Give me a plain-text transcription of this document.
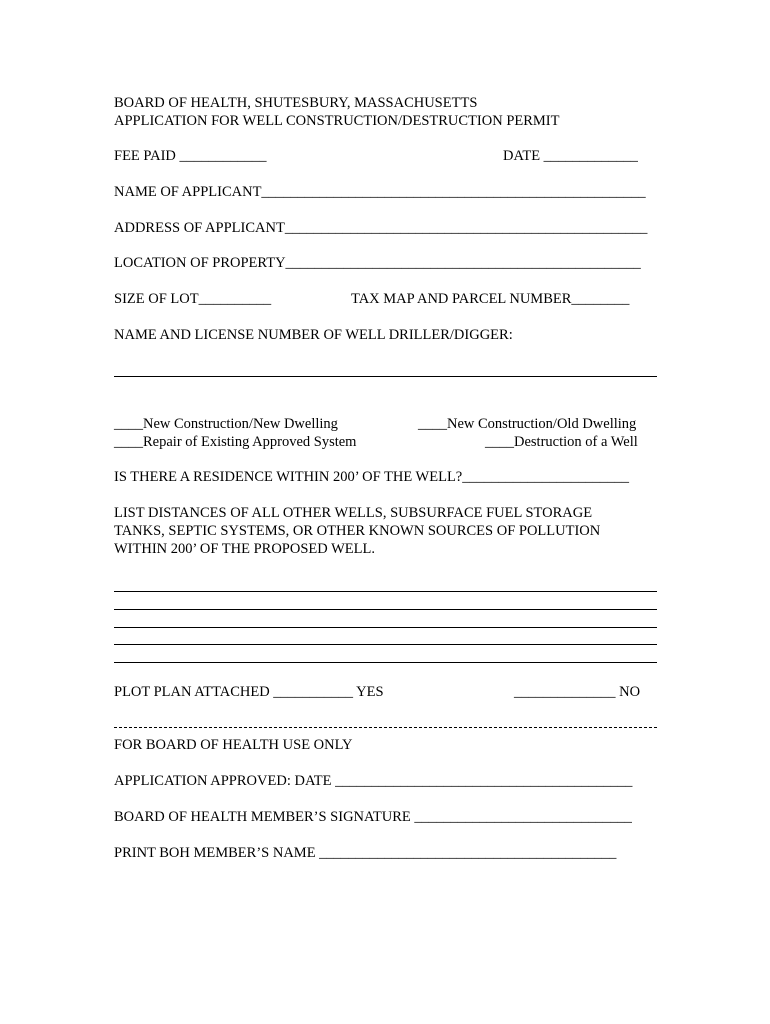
BOARD OF HEALTH, SHUTESBURY, MASSACHUSETTS
APPLICATION FOR WELL CONSTRUCTION/DESTRUCTION PERMIT
FEE PAID ____________	DATE _____________
NAME OF APPLICANT_____________________________________________________
ADDRESS OF APPLICANT__________________________________________________
LOCATION OF PROPERTY_________________________________________________
SIZE OF LOT__________	TAX MAP AND PARCEL NUMBER________
NAME AND LICENSE NUMBER OF WELL DRILLER/DIGGER:
____New Construction/New Dwelling	____New Construction/Old Dwelling
____Repair of Existing Approved System	____Destruction of a Well
IS THERE A RESIDENCE WITHIN 200’ OF THE WELL?_______________________
LIST DISTANCES OF ALL OTHER WELLS, SUBSURFACE FUEL STORAGE
TANKS, SEPTIC SYSTEMS, OR OTHER KNOWN SOURCES OF POLLUTION
WITHIN 200’ OF THE PROPOSED WELL.
PLOT PLAN ATTACHED ___________ YES	______________ NO
FOR BOARD OF HEALTH USE ONLY
APPLICATION APPROVED: DATE _________________________________________
BOARD OF HEALTH MEMBER’S SIGNATURE ______________________________
PRINT BOH MEMBER’S NAME _________________________________________
